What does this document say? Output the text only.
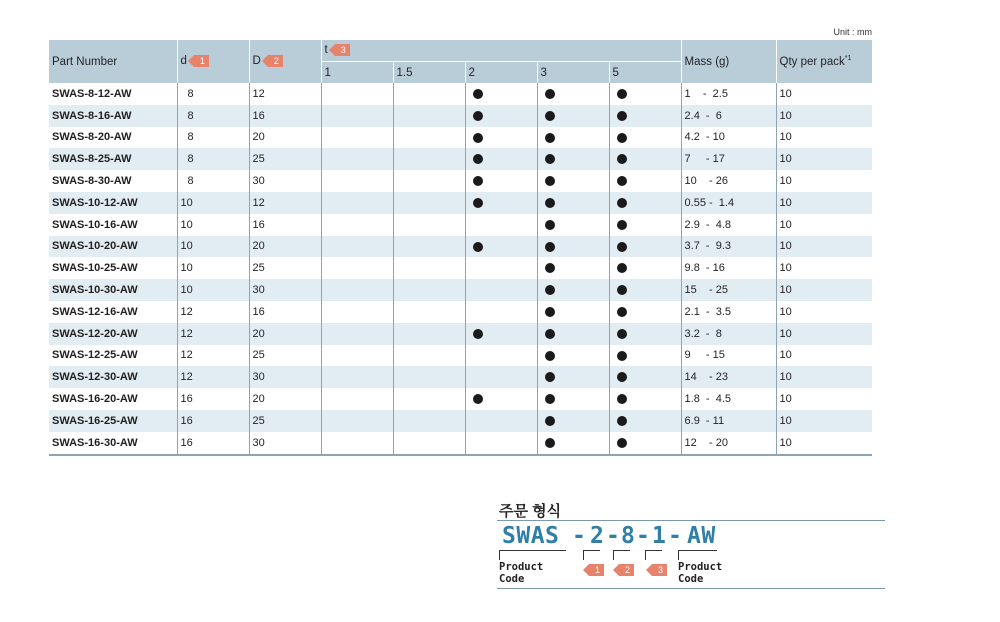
Unit : mm
Part Number	d 1	D 2	t 3					Mass (g)	Qty per pack$^{*1}$
			1	1.5	2	3	5		
SWAS-8-12-AW	8	12						1    -  2.5	10
SWAS-8-16-AW	8	16						2.4  -  6	10
SWAS-8-20-AW	8	20						4.2  - 10	10
SWAS-8-25-AW	8	25						7     - 17	10
SWAS-8-30-AW	8	30						10    - 26	10
SWAS-10-12-AW	10	12						0.55 -  1.4	10
SWAS-10-16-AW	10	16						2.9  -  4.8	10
SWAS-10-20-AW	10	20						3.7  -  9.3	10
SWAS-10-25-AW	10	25						9.8  - 16	10
SWAS-10-30-AW	10	30						15    - 25	10
SWAS-12-16-AW	12	16						2.1  -  3.5	10
SWAS-12-20-AW	12	20						3.2  -  8	10
SWAS-12-25-AW	12	25						9     - 15	10
SWAS-12-30-AW	12	30						14    - 23	10
SWAS-16-20-AW	16	20						1.8  -  4.5	10
SWAS-16-25-AW	16	25						6.9  - 11	10
SWAS-16-30-AW	16	30						12    - 20	10
주문 형식
SWAS - 2 - 8 - 1 - AW
Product Code
1	2	3	Product Code
